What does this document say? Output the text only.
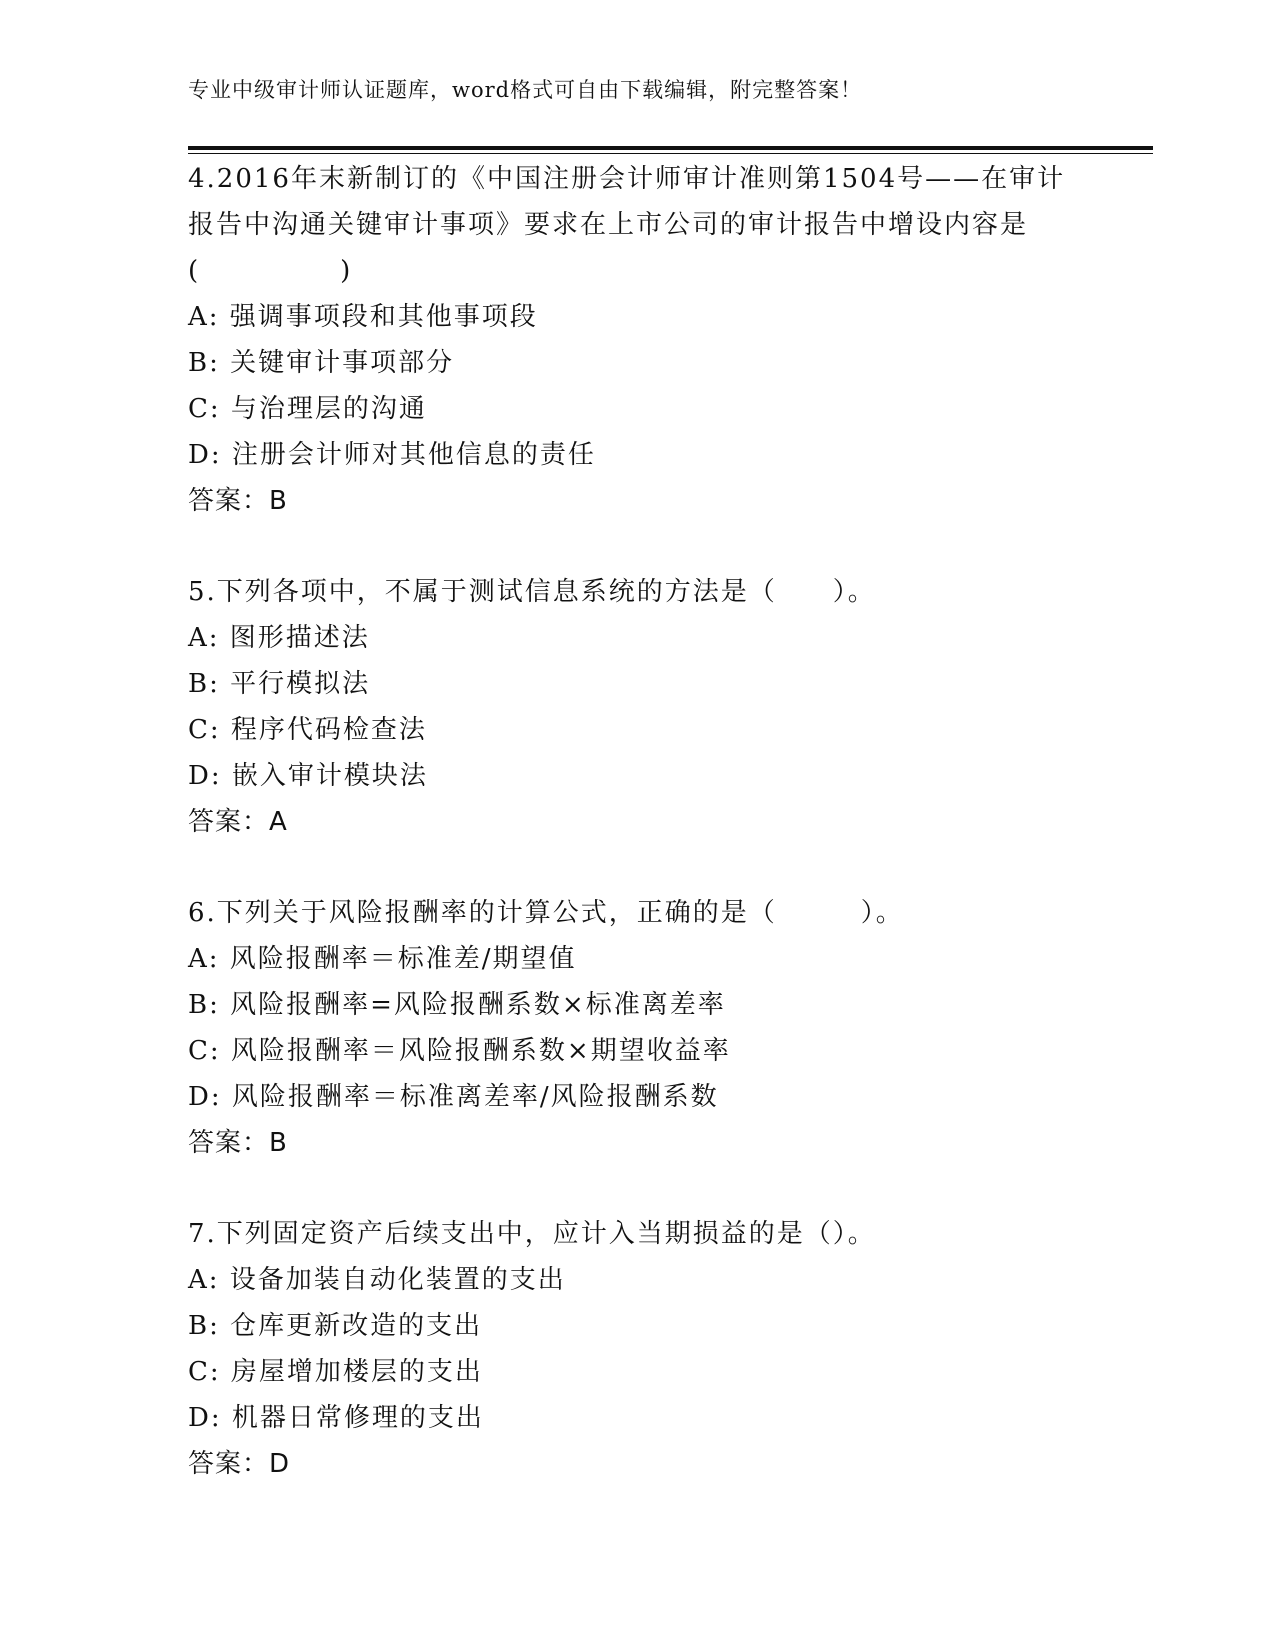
专业中级审计师认证题库，word格式可自由下载编辑，附完整答案！
4.2016年末新制订的《中国注册会计师审计准则第1504号——在审计
报告中沟通关键审计事项》要求在上市公司的审计报告中增设内容是
(　　　　　)
A: 强调事项段和其他事项段
B: 关键审计事项部分
C: 与治理层的沟通
D: 注册会计师对其他信息的责任
答案：B
5.下列各项中，不属于测试信息系统的方法是（　　）。
A: 图形描述法
B: 平行模拟法
C: 程序代码检查法
D: 嵌入审计模块法
答案：A
6.下列关于风险报酬率的计算公式，正确的是（　　　）。
A: 风险报酬率＝标准差/期望值
B: 风险报酬率=风险报酬系数×标准离差率
C: 风险报酬率＝风险报酬系数×期望收益率
D: 风险报酬率＝标准离差率/风险报酬系数
答案：B
7.下列固定资产后续支出中，应计入当期损益的是（）。
A: 设备加装自动化装置的支出
B: 仓库更新改造的支出
C: 房屋增加楼层的支出
D: 机器日常修理的支出
答案：D
